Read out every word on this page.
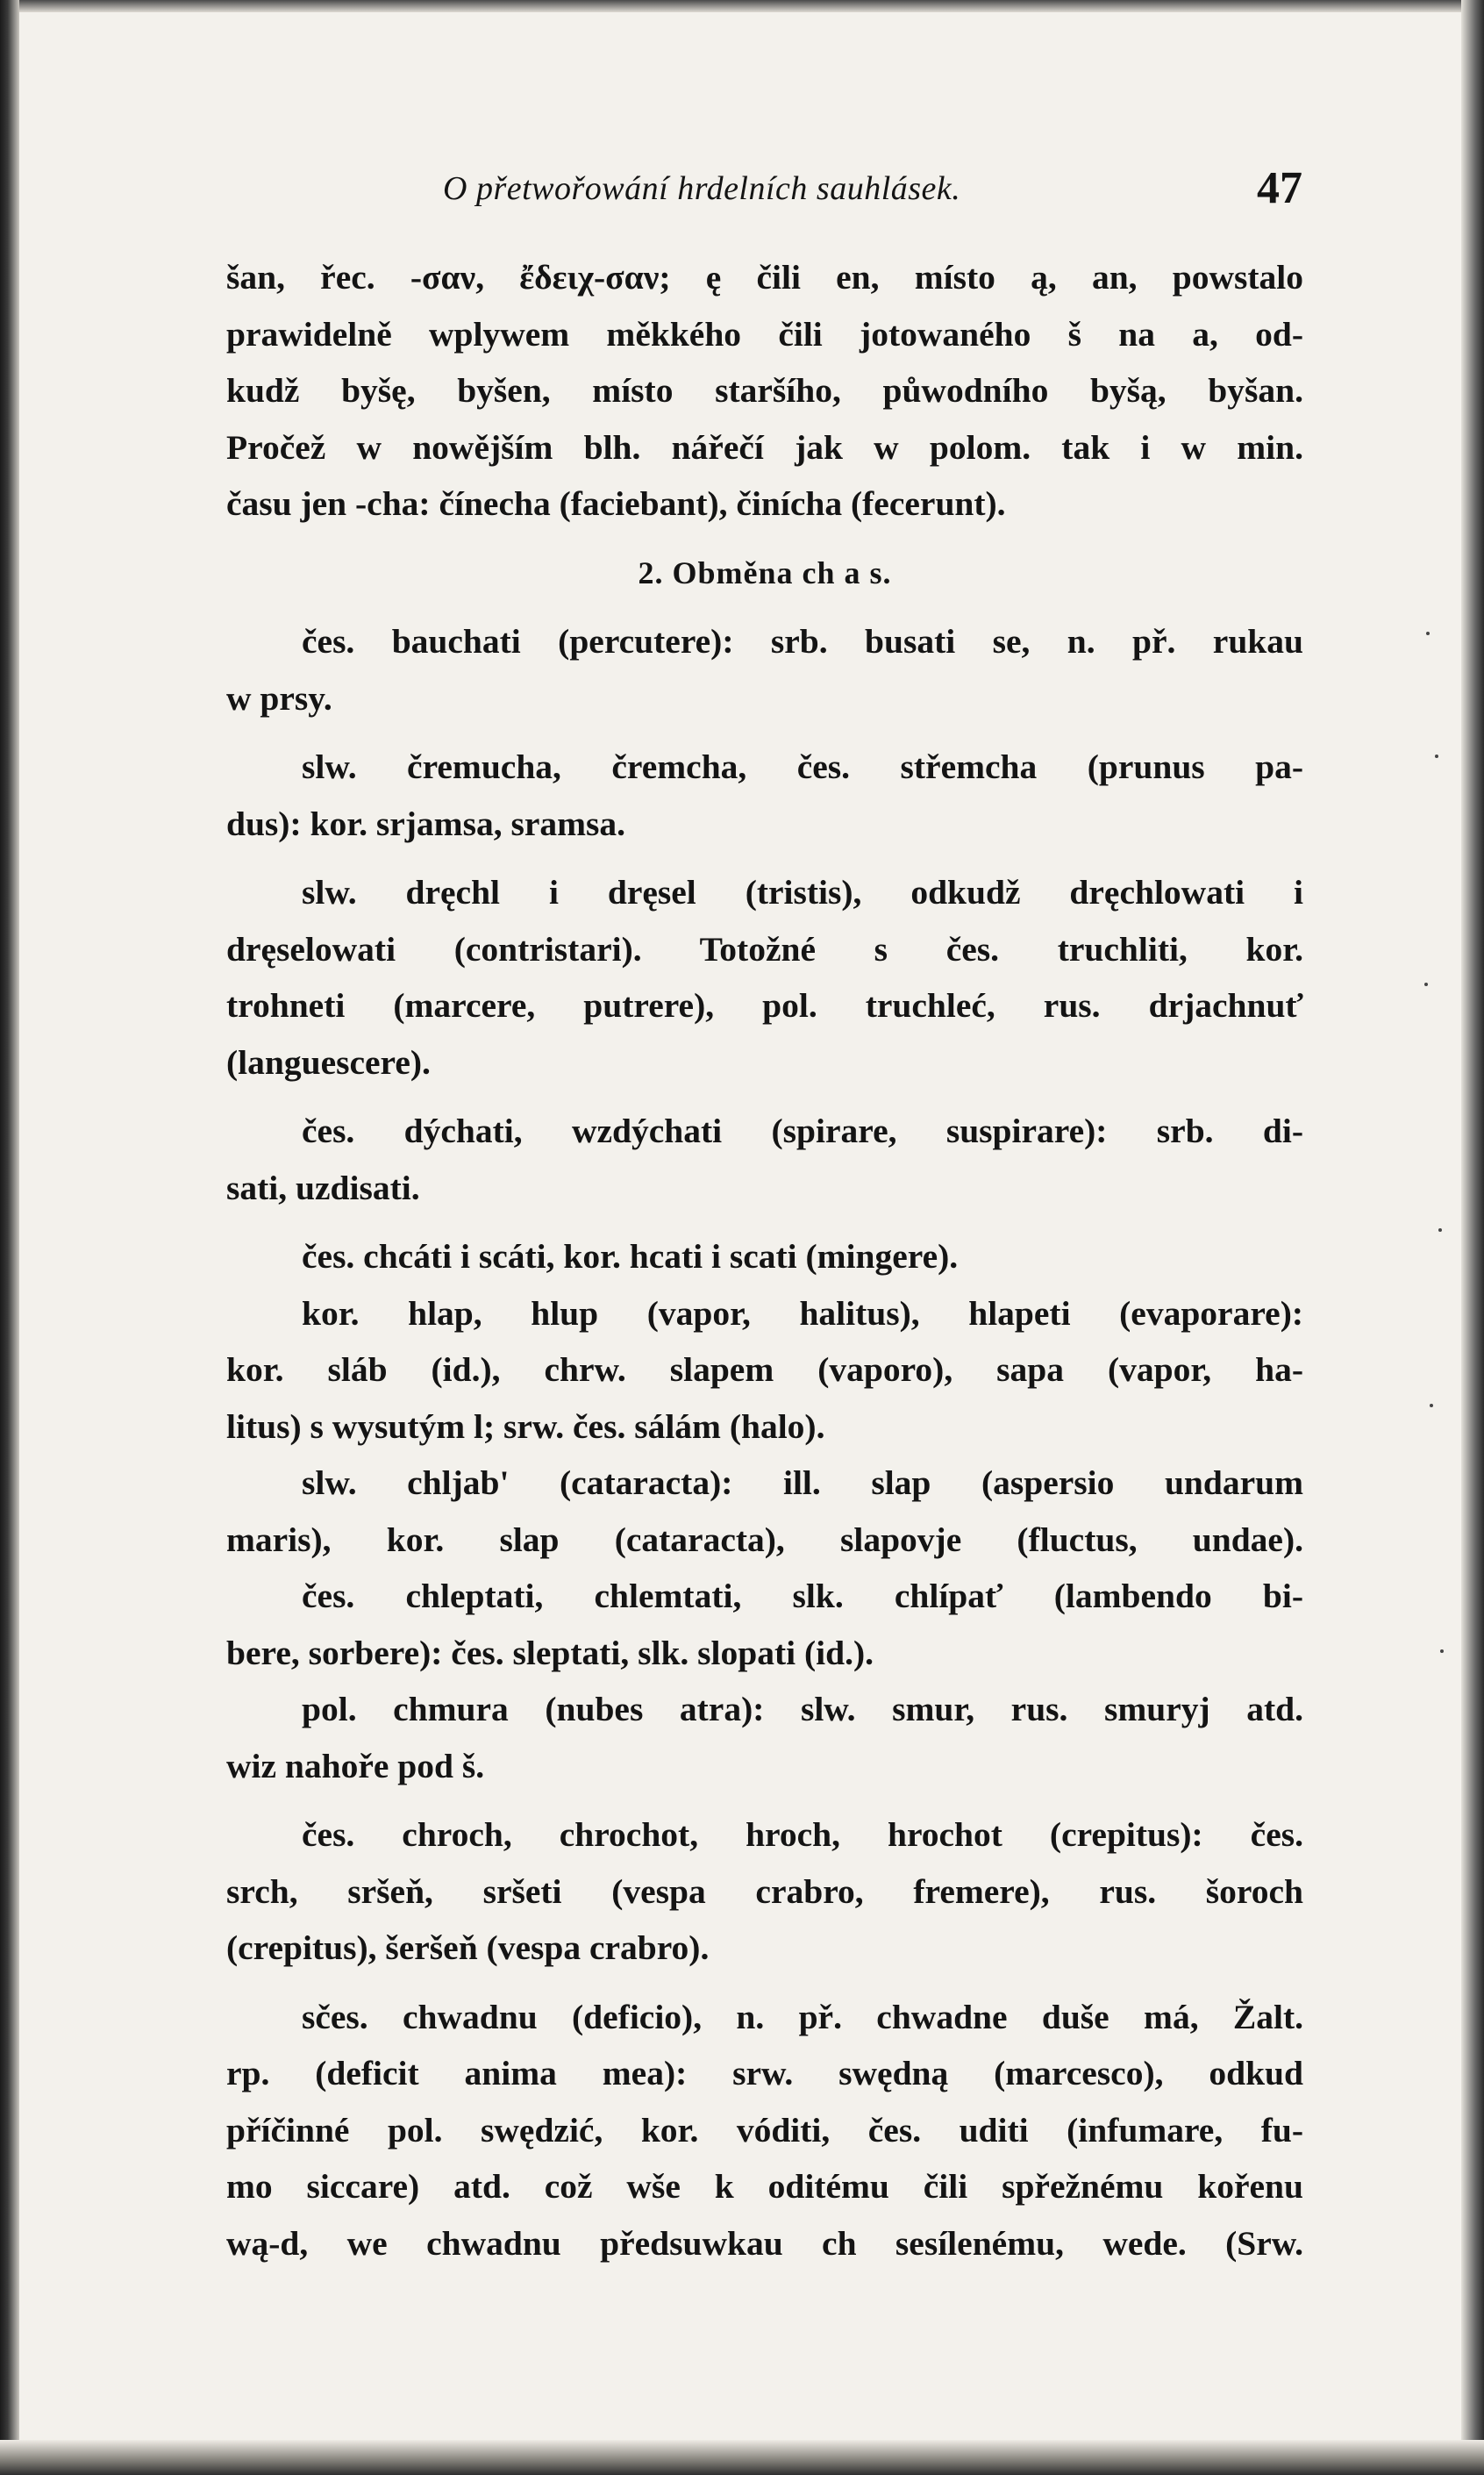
O přetwořowání hrdelních sauhlásek.	47
šan, řec. -σαν, ἔδειχ-σαν; ę čili en, místo ą, an, powstalo
prawidelně wplywem měkkého čili jotowaného š na a, od-
kudž byšę, byšen, místo staršího, půwodního byšą, byšan.
Pročež w nowějším blh. nářečí jak w polom. tak i w min.
času jen -cha: čínecha (faciebant), činíchа (fecerunt).
2. Obměna ch a s.
čes. bauchati (percutere): srb. busati se, n. př. rukau
w prsy.
slw. čremucha, čremcha, čes. střemcha (prunus pa-
dus): kor. srjamsa, sramsa.
slw. dręchl i dręsel (tristis), odkudž dręchlowati i
dręselowati (contristari). Totožné s čes. truchliti, kor.
trohneti (marcere, putrere), pol. truchleć, rus. drjachnuť
(languescere).
čes. dýchati, wzdýchati (spirare, suspirare): srb. di-
sati, uzdisati.
čes. chcáti i scáti, kor. hcati i scati (mingere).
kor. hlap, hlup (vapor, halitus), hlapeti (evaporare):
kor. sláb (id.), chrw. slapem (vaporo), sapa (vapor, ha-
litus) s wysutým l; srw. čes. sálám (halo).
slw. chljab' (cataracta): ill. slap (aspersio undarum
maris), kor. slap (cataracta), slapovje (fluctus, undae).
čes. chleptati, chlemtati, slk. chlípať (lambendo bi-
bere, sorbere): čes. sleptati, slk. slopati (id.).
pol. chmura (nubes atra): slw. smur, rus. smuryj atd.
wiz nahoře pod š.
čes. chroch, chrochot, hroch, hrochot (crepitus): čes.
srch, sršeň, sršeti (vespa crabro, fremere), rus. šoroch
(crepitus), šeršeň (vespa crabro).
sčes. chwadnu (deficio), n. př. chwadne duše má, Žalt.
rp. (deficit anima mea): srw. swędną (marcesco), odkud
příčinné pol. swędzić, kor. vóditi, čes. uditi (infumare, fu-
mo siccare) atd. což wše k oditému čili spřežnému kořenu
wą-d, we chwadnu předsuwkau ch sesílenému, wede. (Srw.
